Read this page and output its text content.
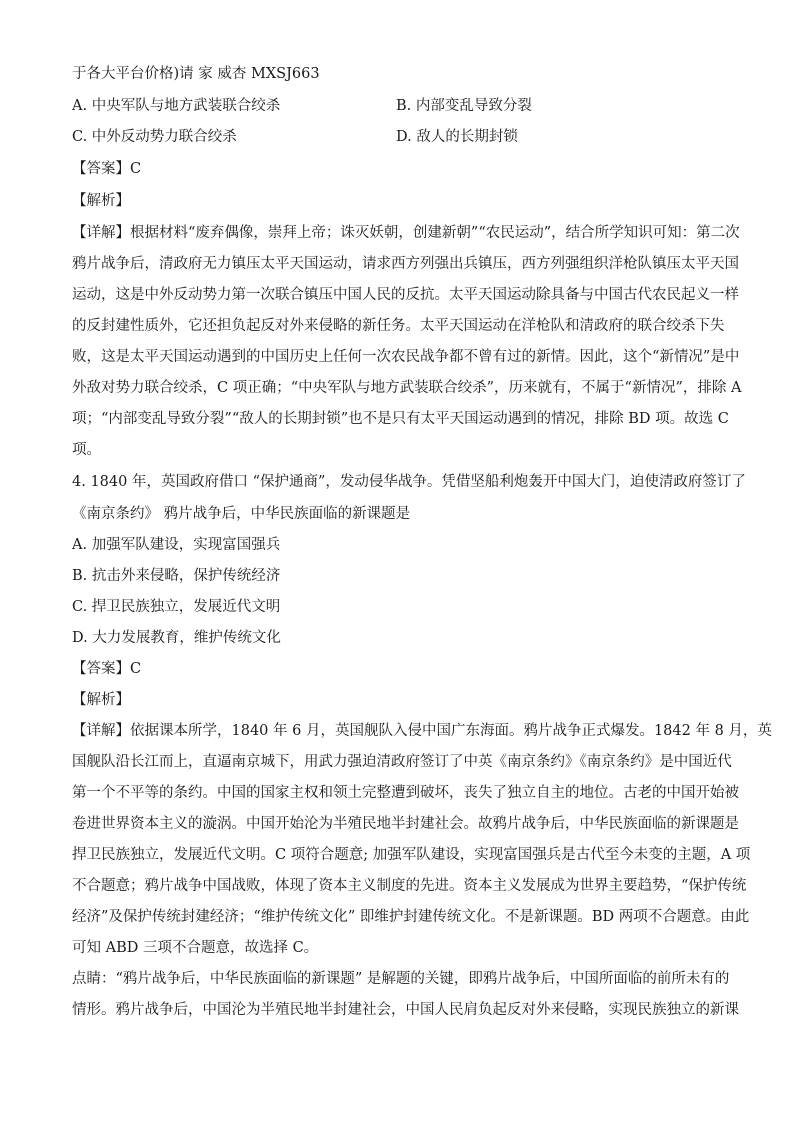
于各大平台价格)请 家 威杏 MXSJ663
A. 中央军队与地方武装联合绞杀	B. 内部变乱导致分裂
C. 中外反动势力联合绞杀	D. 敌人的长期封锁
【答案】C
【解析】
【详解】根据材料“废弃偶像，崇拜上帝；诛灭妖朝，创建新朝”“农民运动”，结合所学知识可知：第二次
鸦片战争后，清政府无力镇压太平天国运动，请求西方列强出兵镇压，西方列强组织洋枪队镇压太平天国
运动，这是中外反动势力第一次联合镇压中国人民的反抗。太平天国运动除具备与中国古代农民起义一样
的反封建性质外，它还担负起反对外来侵略的新任务。太平天国运动在洋枪队和清政府的联合绞杀下失
败，这是太平天国运动遇到的中国历史上任何一次农民战争都不曾有过的新情。因此，这个“新情况”是中
外敌对势力联合绞杀，C 项正确；“中央军队与地方武装联合绞杀”，历来就有，不属于“新情况”，排除 A
项；“内部变乱导致分裂”“敌人的长期封锁”也不是只有太平天国运动遇到的情况，排除 BD 项。故选 C
项。
4. 1840 年，英国政府借口 “保护通商”，发动侵华战争。凭借坚船利炮轰开中国大门，迫使清政府签订了
《南京条约》 鸦片战争后，中华民族面临的新课题是
A. 加强军队建设，实现富国强兵
B. 抗击外来侵略，保护传统经济
C. 捍卫民族独立，发展近代文明
D. 大力发展教育，维护传统文化
【答案】C
【解析】
【详解】依据课本所学，1840 年 6 月，英国舰队入侵中国广东海面。鸦片战争正式爆发。1842 年 8 月，英
国舰队沿长江而上，直逼南京城下，用武力强迫清政府签订了中英《南京条约》《南京条约》是中国近代
第一个不平等的条约。中国的国家主权和领土完整遭到破坏，丧失了独立自主的地位。古老的中国开始被
卷进世界资本主义的漩涡。中国开始沦为半殖民地半封建社会。故鸦片战争后，中华民族面临的新课题是
捍卫民族独立，发展近代文明。C 项符合题意; 加强军队建设，实现富国强兵是古代至今未变的主题，A 项
不合题意；鸦片战争中国战败，体现了资本主义制度的先进。资本主义发展成为世界主要趋势，“保护传统
经济”及保护传统封建经济；“维护传统文化” 即维护封建传统文化。不是新课题。BD 两项不合题意。由此
可知 ABD 三项不合题意，故选择 C。
点睛：“鸦片战争后，中华民族面临的新课题” 是解题的关键，即鸦片战争后，中国所面临的前所未有的
情形。鸦片战争后，中国沦为半殖民地半封建社会，中国人民肩负起反对外来侵略，实现民族独立的新课
